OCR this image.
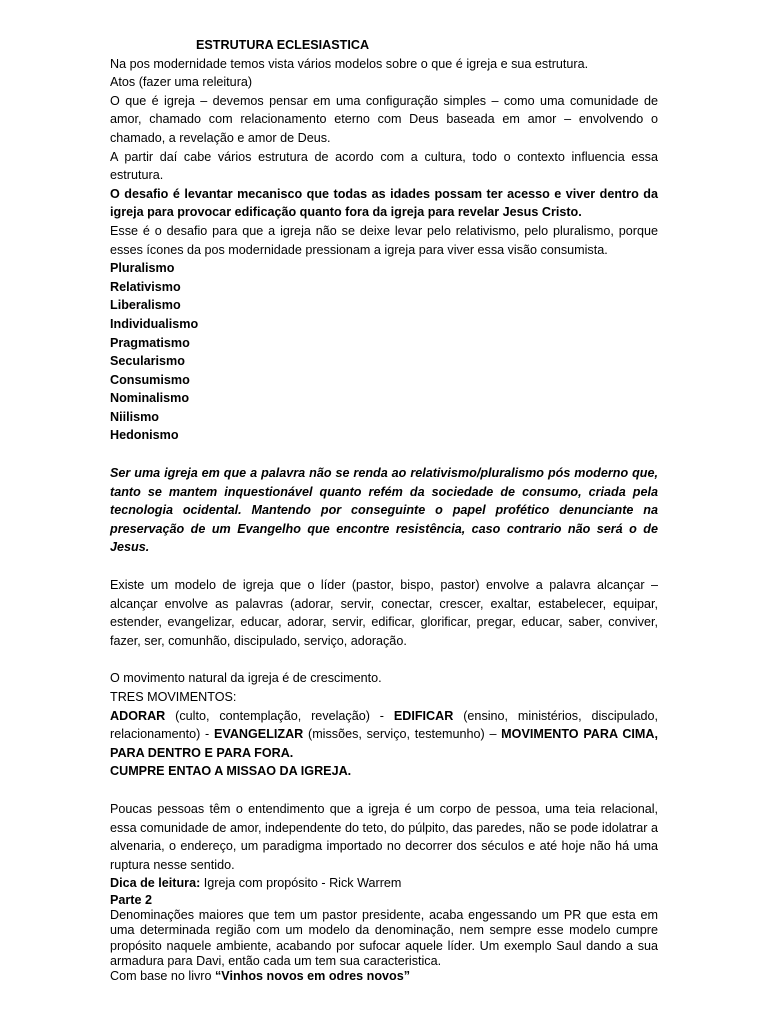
ESTRUTURA ECLESIASTICA

Na pos modernidade temos vista vários modelos sobre o que é igreja e sua estrutura.

Atos (fazer uma releitura)

O que é igreja – devemos pensar em uma configuração simples – como uma comunidade de amor, chamado com relacionamento eterno com Deus baseada em amor – envolvendo o chamado, a revelação e amor de Deus.

A partir daí cabe vários estrutura de acordo com a cultura, todo o contexto influencia essa estrutura.

O desafio é levantar mecanisco que todas as idades possam ter acesso e viver dentro da igreja para provocar edificação quanto fora da igreja para revelar Jesus Cristo.

Esse é o desafio para que a igreja não se deixe levar pelo relativismo, pelo pluralismo, porque esses ícones da pos modernidade pressionam a igreja para viver essa visão consumista.

Pluralismo

Relativismo

Liberalismo

Individualismo

Pragmatismo

Secularismo

Consumismo

Nominalismo

Niilismo

Hedonismo

Ser uma igreja em que a palavra não se renda ao relativismo/pluralismo pós moderno que, tanto se mantem inquestionável quanto refém da sociedade de consumo, criada pela tecnologia ocidental. Mantendo por conseguinte o papel profético denunciante na preservação de um Evangelho que encontre resistência, caso contrario não será o de Jesus.

Existe um modelo de igreja que o líder (pastor, bispo, pastor) envolve a palavra alcançar – alcançar envolve as palavras (adorar, servir, conectar, crescer, exaltar, estabelecer, equipar, estender, evangelizar, educar, adorar, servir, edificar, glorificar, pregar, educar, saber, conviver, fazer, ser, comunhão, discipulado, serviço, adoração.

O movimento natural da igreja é de crescimento.

TRES MOVIMENTOS:

ADORAR (culto, contemplação, revelação) - EDIFICAR (ensino, ministérios, discipulado, relacionamento) - EVANGELIZAR (missões, serviço, testemunho) – MOVIMENTO PARA CIMA, PARA DENTRO E PARA FORA.

CUMPRE ENTAO A MISSAO DA IGREJA.

Poucas pessoas têm o entendimento que a igreja é um corpo de pessoa, uma teia relacional, essa comunidade de amor, independente do teto, do púlpito, das paredes, não se pode idolatrar a alvenaria, o endereço, um paradigma importado no decorrer dos séculos e até hoje não há uma ruptura nesse sentido.

Dica de leitura: Igreja com propósito - Rick Warrem

Parte 2

Denominações maiores que tem um pastor presidente, acaba engessando um PR que esta em uma determinada região com um modelo da denominação, nem sempre esse modelo cumpre propósito naquele ambiente, acabando por sufocar aquele líder. Um exemplo Saul dando a sua armadura para Davi, então cada um tem sua caracteristica.

Com base no livro “Vinhos novos em odres novos”
